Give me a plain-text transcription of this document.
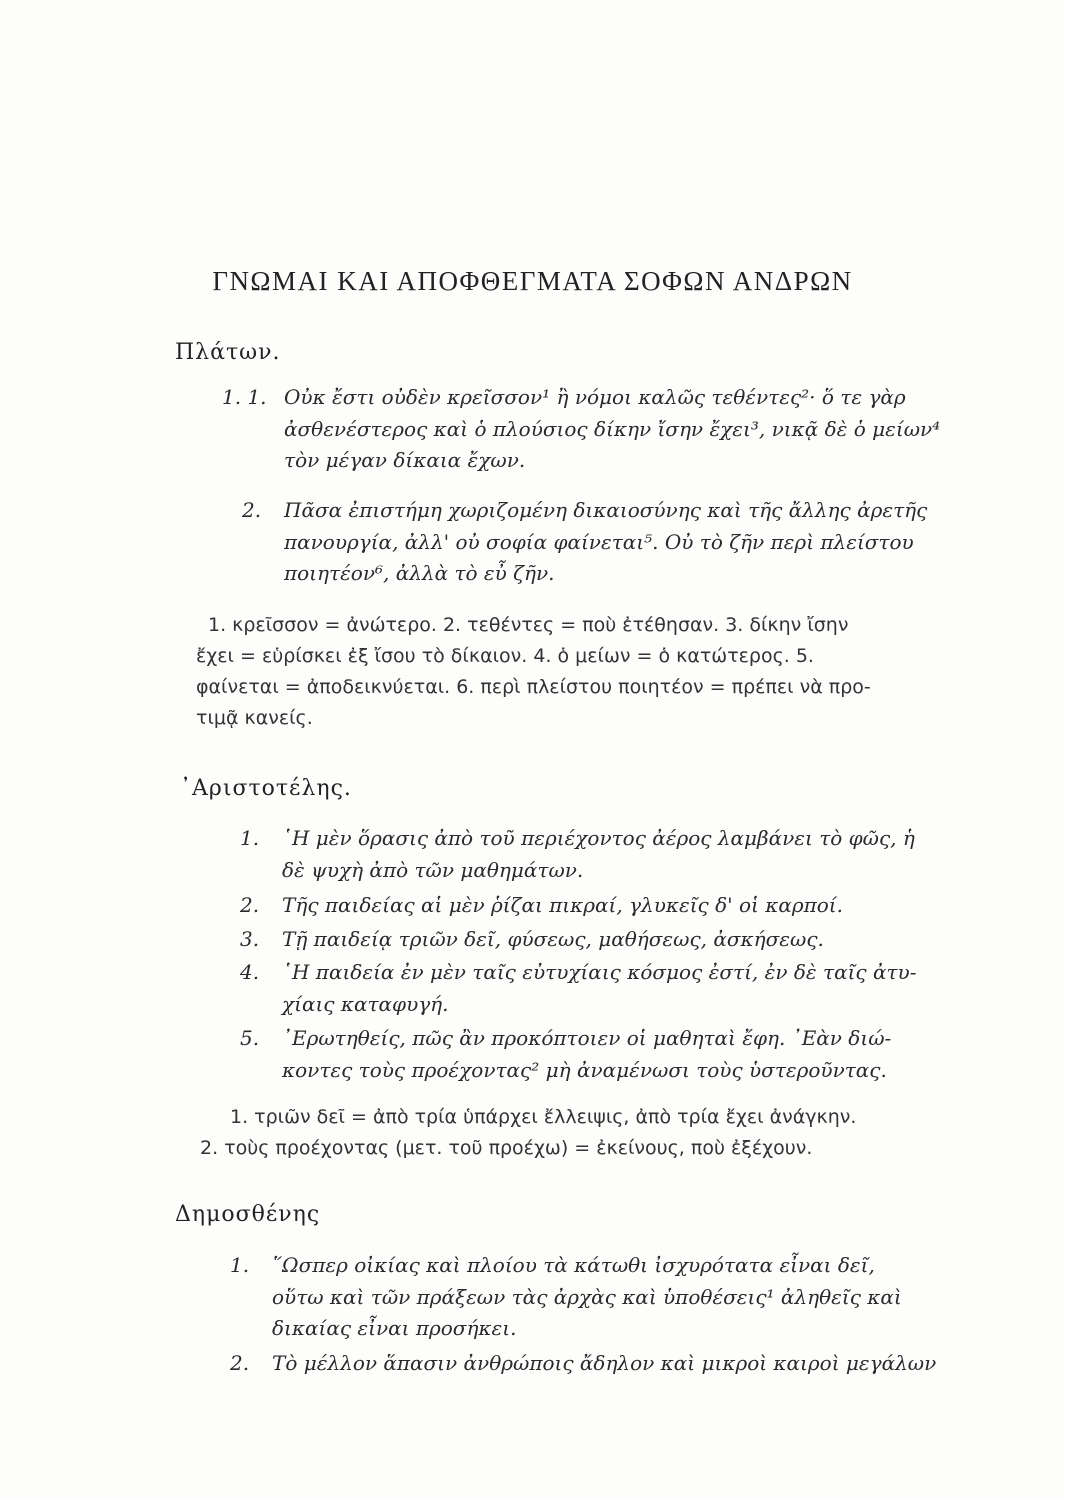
ΓΝΩΜΑΙ ΚΑΙ ΑΠΟΦΘΕΓΜΑΤΑ ΣΟΦΩΝ ΑΝΔΡΩΝ
Πλάτων.
1. 1. Οὐκ ἔστι οὐδὲν κρεῖσσον¹ ἢ νόμοι καλῶς τεθέντες²· ὅ τε γὰρ
ἀσθενέστερος καὶ ὁ πλούσιος δίκην ἴσην ἔχει³, νικᾷ δὲ ὁ μείων⁴
τὸν μέγαν δίκαια ἔχων.
2. Πᾶσα ἐπιστήμη χωριζομένη δικαιοσύνης καὶ τῆς ἄλλης ἀρετῆς
πανουργία, ἀλλ' οὐ σοφία φαίνεται⁵. Οὐ τὸ ζῆν περὶ πλείστου
ποιητέον⁶, ἀλλὰ τὸ εὖ ζῆν.
1. κρεῖσσον = ἀνώτερο. 2. τεθέντες = ποὺ ἐτέθησαν. 3. δίκην ἴσην
ἔχει = εὑρίσκει ἐξ ἴσου τὸ δίκαιον. 4. ὁ μείων = ὁ κατώτερος. 5.
φαίνεται = ἀποδεικνύεται. 6. περὶ πλείστου ποιητέον = πρέπει νὰ προ-
τιμᾷ κανείς.
᾿Αριστοτέλης.
1. ῾Η μὲν ὅρασις ἀπὸ τοῦ περιέχοντος ἀέρος λαμβάνει τὸ φῶς, ἡ
δὲ ψυχὴ ἀπὸ τῶν μαθημάτων.
2. Τῆς παιδείας αἱ μὲν ῥίζαι πικραί, γλυκεῖς δ' οἱ καρποί.
3. Τῇ παιδείᾳ τριῶν δεῖ, φύσεως, μαθήσεως, ἀσκήσεως.
4. ῾Η παιδεία ἐν μὲν ταῖς εὐτυχίαις κόσμος ἐστί, ἐν δὲ ταῖς ἀτυ-
χίαις καταφυγή.
5. ᾿Ερωτηθείς, πῶς ἂν προκόπτοιεν οἱ μαθηταὶ ἔφη. ᾿Εὰν διώ-
κοντες τοὺς προέχοντας² μὴ ἀναμένωσι τοὺς ὑστεροῦντας.
1. τριῶν δεῖ = ἀπὸ τρία ὑπάρχει ἔλλειψις, ἀπὸ τρία ἔχει ἀνάγκην.
2. τοὺς προέχοντας (μετ. τοῦ προέχω) = ἐκείνους, ποὺ ἐξέχουν.
Δημοσθένης
1. ῞Ωσπερ οἰκίας καὶ πλοίου τὰ κάτωθι ἰσχυρότατα εἶναι δεῖ,
οὕτω καὶ τῶν πράξεων τὰς ἀρχὰς καὶ ὑποθέσεις¹ ἀληθεῖς καὶ
δικαίας εἶναι προσήκει.
2. Τὸ μέλλον ἅπασιν ἀνθρώποις ἄδηλον καὶ μικροὶ καιροὶ μεγάλων
